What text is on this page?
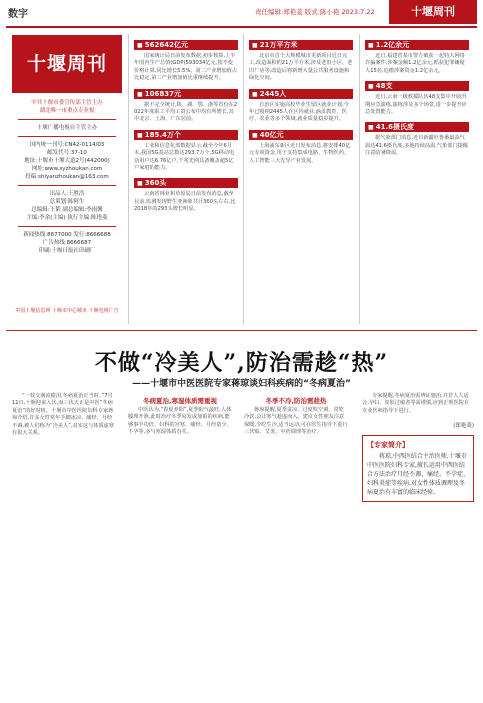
数字	责任编辑:郑艳菱 版式:陈小艳 2023.7.22	十堰周刊
十堰周刊
中共十堰市委宣传部主管主办
湖北唯一市重点专业报
十堰广播电视台主管主办
国内统一刊号:CN42-0114/03
邮发代号:37-10
地址:十堰市十堰大道2号(442000)
网址:www.syzhoukan.com
投稿:shiyanzhoukan@163.com
出品人:王胜浩
总策划:陈阿生
总编辑:王韬 副总编辑:李雨馨
主编:李余(主编) 执行主编:陈艳菱
新闻热线:8677000 发行:8666688
广告热线:8666687
印刷:十堰日报社印刷厂
中国十堰信息网 十堰市中心城市 十堰电视广告
■ 562642亿元
国家统计局日前发布数据,初步核算,上半年国内生产总值(GDP)593034亿元,按不变价格计算,同比增长5.5%。第二产业增加值占比稳定,第三产业增加值比重继续提升。
■ 106837元
据不完全统计,陕、湖、鄂、浙等省份在2022年度职工平均工资公布中均有所增长,其中北京、上海、广东居前。
■ 185.4万个
工业和信息化部数据显示,截至今年6月末,我国5G基站总数达293.7万个,5G移动电话用户达6.76亿户,千兆光网具备覆盖超5亿户家庭的能力。
■ 360头
云南省林业和草原局日前发布消息,截至目前,监测发现野生亚洲象共计360头左右,比2018年的293头增长明显。
■ 21万平方米
北京市首个大规模城市更新项目近日完工,改造面积约21万平方米,涉及老旧小区、老旧厂房等,改造后将新增大量公共服务设施和绿化空间。
■ 2445人
自治区实施高校毕业生留区就业计划,今年已吸纳2445人在区内就业,涵盖教育、医疗、农业等多个领域,就业质量稳步提升。
■ 40亿元
上海浦东新区近日发布消息,将安排40亿元专项资金,用于支持集成电路、生物医药、人工智能三大先导产业发展。
■ 1.2亿余元
近日,福建省某市警方破获一起特大网络诈骗案件,涉案金额1.2亿余元,抓获犯罪嫌疑人15名,追缴涉案资金1.2亿余元。
■ 48支
近日,云南一级救援队伍48支集中开展汛期应急演练,演练涉及多个场景,进一步提升应急处置能力。
■ 41.6摄氏度
据气象部门消息,近日新疆吐鲁番最高气温达41.6摄氏度,多地持续高温,气象部门提醒注意防暑降温。
不做“冷美人”,防治需趁“热”
——十堰市中医医院专家蒋琼谈妇科疾病的“冬病夏治”
“一枝交满流眼泪,冬病夏治正当时。”7月11日,十堰迎来入伏,而三伏天正是中医“冬病夏治”的好时机。十堰市中医医院妇科专家蒋琼介绍,许多女性常年手脚冰凉、痛经、月经不调,被人们称为“冷美人”,其实这与体质虚寒有很大关系。
冬病夏治,寒湿体质需重视
中医认为,“春夏养阳”,夏季阳气最旺,人体腠理开泄,此时治疗冬季易发或加重的疾病,能够事半功倍。妇科的宫寒、痛经、月经量少、不孕等,多与寒湿体质有关。
冬季不冷,防治需趁热
蒋琼提醒,夏季贪凉、过度吹空调、常吃冷饮,会让寒气趁虚而入。建议女性朋友注意保暖,少吃生冷,适当运动,可在医生指导下进行三伏贴、艾灸、中药调理等治疗。
专家提醒,冬病夏治需辨证施治,并非人人适合,孕妇、皮肤过敏者等需谨慎,应到正规医院在专业医师指导下进行。
(郑艳菱)
【专家简介】
蒋琼,中西医结合主治医师,十堰市中医医院妇科专家,擅长运用中西医结合方法治疗月经不调、痛经、不孕症、妇科炎症等疾病,对女性体质调理及冬病夏治有丰富的临床经验。
